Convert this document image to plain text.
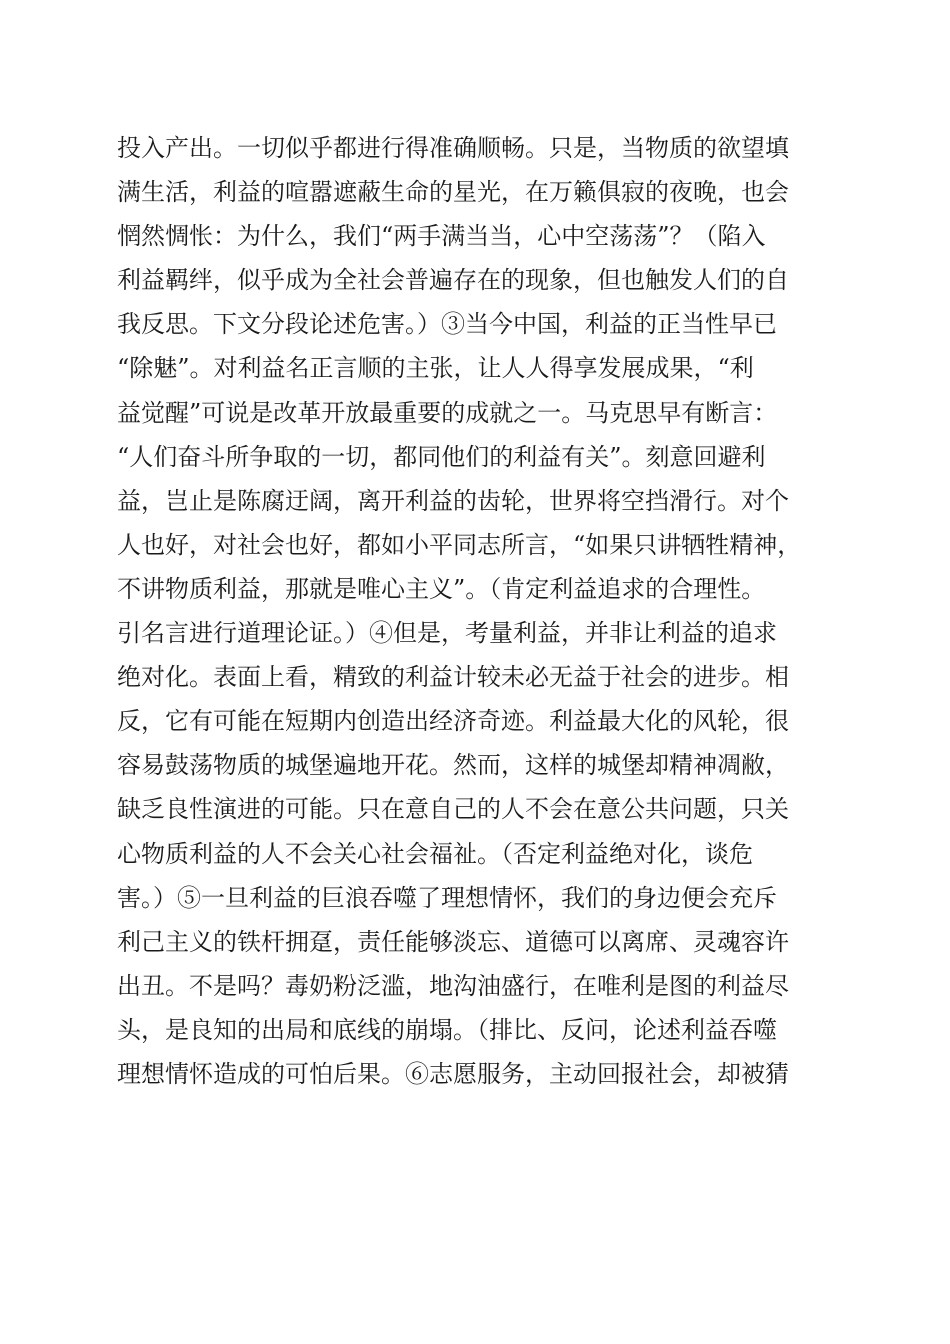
投入产出。一切似乎都进行得准确顺畅。只是，当物质的欲望填
满生活，利益的喧嚣遮蔽生命的星光，在万籁俱寂的夜晚，也会
惘然惆怅：为什么，我们“两手满当当，心中空荡荡”？（陷入
利益羁绊，似乎成为全社会普遍存在的现象，但也触发人们的自
我反思。下文分段论述危害。）③当今中国，利益的正当性早已
“除魅”。对利益名正言顺的主张，让人人得享发展成果，“利
益觉醒”可说是改革开放最重要的成就之一。马克思早有断言：
“人们奋斗所争取的一切，都同他们的利益有关”。刻意回避利
益，岂止是陈腐迂阔，离开利益的齿轮，世界将空挡滑行。对个
人也好，对社会也好，都如小平同志所言，“如果只讲牺牲精神，
不讲物质利益，那就是唯心主义”。（肯定利益追求的合理性。
引名言进行道理论证。）④但是，考量利益，并非让利益的追求
绝对化。表面上看，精致的利益计较未必无益于社会的进步。相
反，它有可能在短期内创造出经济奇迹。利益最大化的风轮，很
容易鼓荡物质的城堡遍地开花。然而，这样的城堡却精神凋敝，
缺乏良性演进的可能。只在意自己的人不会在意公共问题，只关
心物质利益的人不会关心社会福祉。（否定利益绝对化，谈危
害。）⑤一旦利益的巨浪吞噬了理想情怀，我们的身边便会充斥
利己主义的铁杆拥趸，责任能够淡忘、道德可以离席、灵魂容许
出丑。不是吗？毒奶粉泛滥，地沟油盛行，在唯利是图的利益尽
头，是良知的出局和底线的崩塌。（排比、反问，论述利益吞噬
理想情怀造成的可怕后果。⑥志愿服务，主动回报社会，却被猜
